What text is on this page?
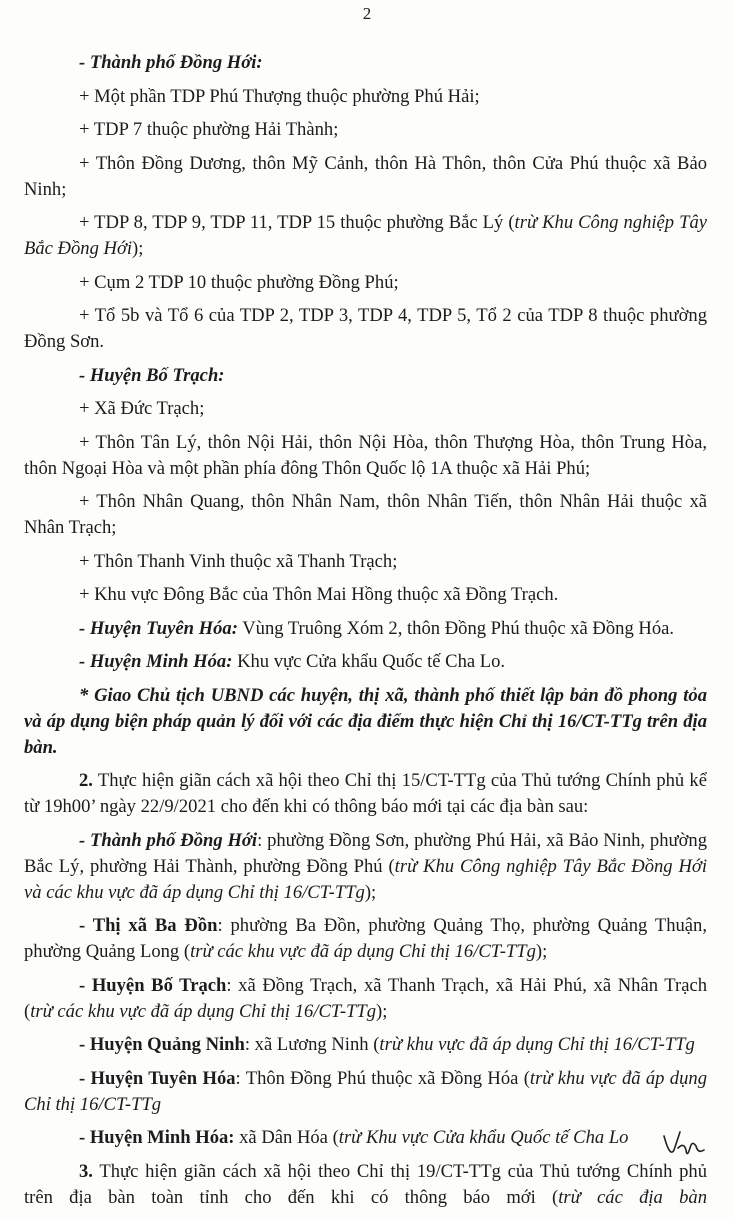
2

- Thành phố Đồng Hới:

+ Một phần TDP Phú Thượng thuộc phường Phú Hải;

+ TDP 7 thuộc phường Hải Thành;

+ Thôn Đồng Dương, thôn Mỹ Cảnh, thôn Hà Thôn, thôn Cửa Phú thuộc xã Bảo Ninh;

+ TDP 8, TDP 9, TDP 11, TDP 15 thuộc phường Bắc Lý (trừ Khu Công nghiệp Tây Bắc Đồng Hới);

+ Cụm 2 TDP 10 thuộc phường Đồng Phú;

+ Tổ 5b và Tổ 6 của TDP 2, TDP 3, TDP 4, TDP 5, Tổ 2 của TDP 8 thuộc phường Đồng Sơn.

- Huyện Bố Trạch:

+ Xã Đức Trạch;

+ Thôn Tân Lý, thôn Nội Hải, thôn Nội Hòa, thôn Thượng Hòa, thôn Trung Hòa, thôn Ngoại Hòa và một phần phía đông Thôn Quốc lộ 1A thuộc xã Hải Phú;

+ Thôn Nhân Quang, thôn Nhân Nam, thôn Nhân Tiến, thôn Nhân Hải thuộc xã Nhân Trạch;

+ Thôn Thanh Vinh thuộc xã Thanh Trạch;

+ Khu vực Đông Bắc của Thôn Mai Hồng thuộc xã Đồng Trạch.

- Huyện Tuyên Hóa: Vùng Truông Xóm 2, thôn Đồng Phú thuộc xã Đồng Hóa.

- Huyện Minh Hóa: Khu vực Cửa khẩu Quốc tế Cha Lo.

* Giao Chủ tịch UBND các huyện, thị xã, thành phố thiết lập bản đồ phong tỏa và áp dụng biện pháp quản lý đối với các địa điểm thực hiện Chỉ thị 16/CT-TTg trên địa bàn.

2. Thực hiện giãn cách xã hội theo Chỉ thị 15/CT-TTg của Thủ tướng Chính phủ kể từ 19h00’ ngày 22/9/2021 cho đến khi có thông báo mới tại các địa bàn sau:

- Thành phố Đồng Hới: phường Đồng Sơn, phường Phú Hải, xã Bảo Ninh, phường Bắc Lý, phường Hải Thành, phường Đồng Phú (trừ Khu Công nghiệp Tây Bắc Đồng Hới và các khu vực đã áp dụng Chỉ thị 16/CT-TTg);

- Thị xã Ba Đồn: phường Ba Đồn, phường Quảng Thọ, phường Quảng Thuận, phường Quảng Long (trừ các khu vực đã áp dụng Chỉ thị 16/CT-TTg);

- Huyện Bố Trạch: xã Đồng Trạch, xã Thanh Trạch, xã Hải Phú, xã Nhân Trạch (trừ các khu vực đã áp dụng Chỉ thị 16/CT-TTg);

- Huyện Quảng Ninh: xã Lương Ninh (trừ khu vực đã áp dụng Chỉ thị 16/CT-TTg

- Huyện Tuyên Hóa: Thôn Đồng Phú thuộc xã Đồng Hóa (trừ khu vực đã áp dụng Chỉ thị 16/CT-TTg

- Huyện Minh Hóa: xã Dân Hóa (trừ Khu vực Cửa khẩu Quốc tế Cha Lo

3. Thực hiện giãn cách xã hội theo Chỉ thị 19/CT-TTg của Thủ tướng Chính phủ trên địa bàn toàn tỉnh cho đến khi có thông báo mới (trừ các địa bàn
